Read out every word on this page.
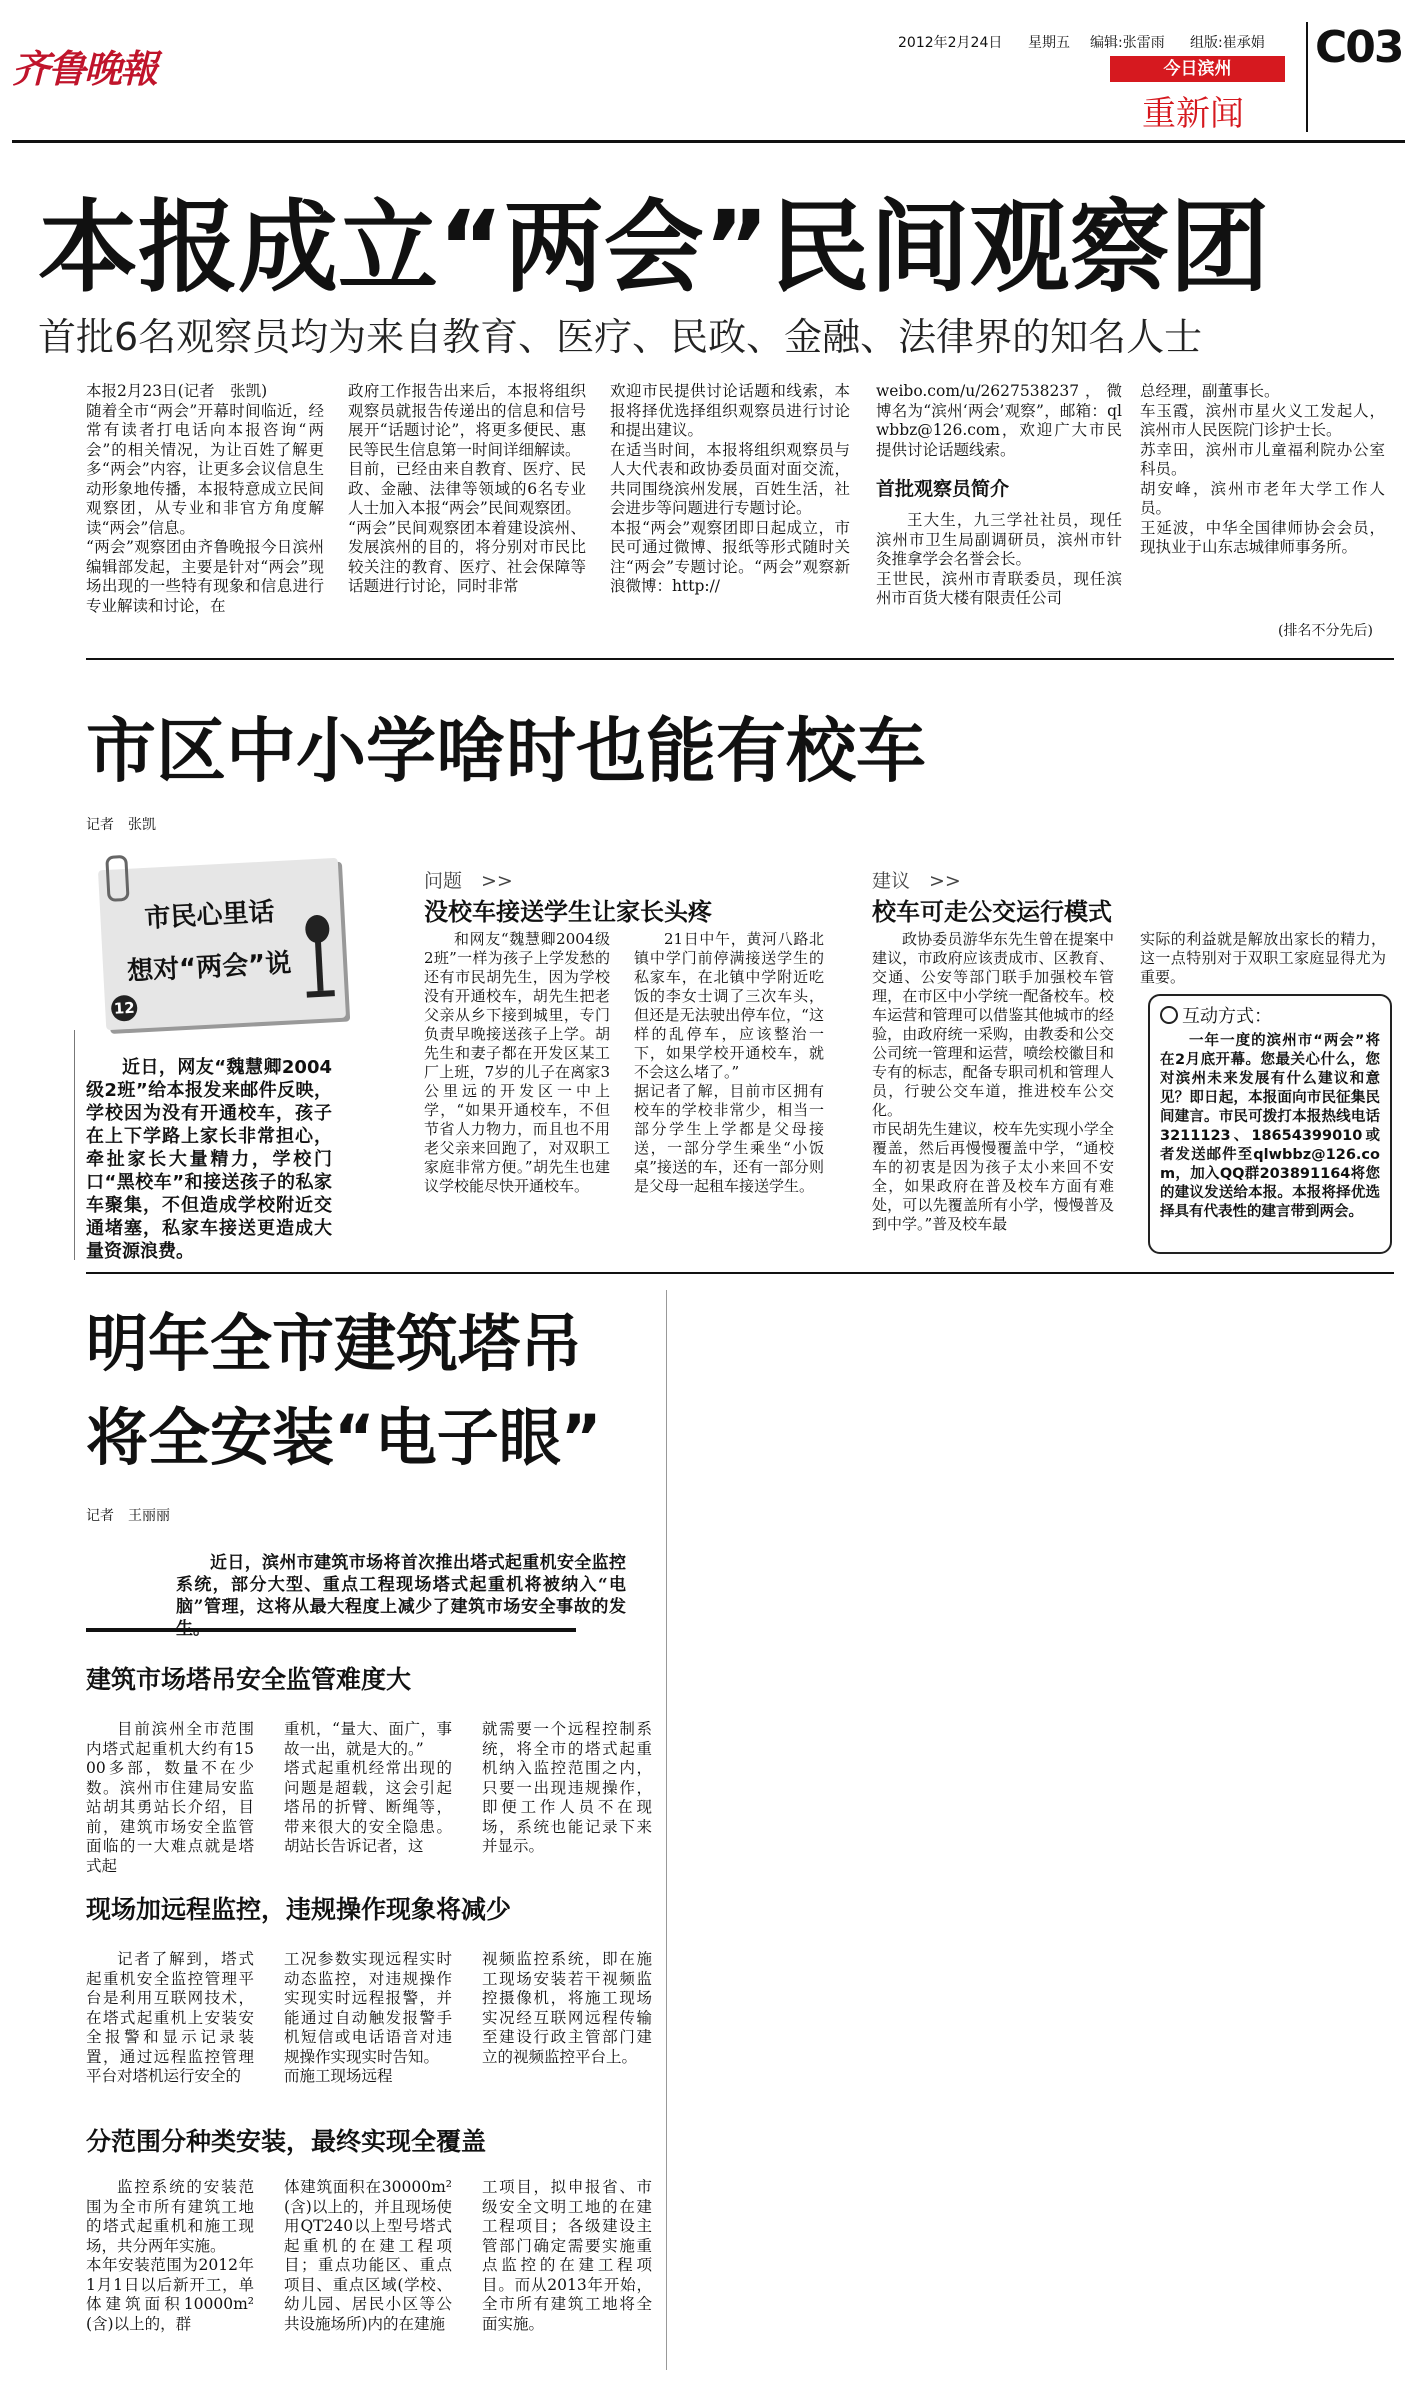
齐鲁晚報
2012年2月24日 星期五 编辑:张雷雨 组版:崔承娟
今日滨州
重新闻
C03
本报成立“两会”民间观察团
首批6名观察员均为来自教育、医疗、民政、金融、法律界的知名人士
本报2月23日(记者　张凯)
随着全市“两会”开幕时间临近，经常有读者打电话向本报咨询“两会”的相关情况，为让百姓了解更多“两会”内容，让更多会议信息生动形象地传播，本报特意成立民间观察团，从专业和非官方角度解读“两会”信息。
“两会”观察团由齐鲁晚报今日滨州编辑部发起，主要是针对“两会”现场出现的一些特有现象和信息进行专业解读和讨论，在
政府工作报告出来后，本报将组织观察员就报告传递出的信息和信号展开“话题讨论”，将更多便民、惠民等民生信息第一时间详细解读。
目前，已经由来自教育、医疗、民政、金融、法律等领域的6名专业人士加入本报“两会”民间观察团。
“两会”民间观察团本着建设滨州、发展滨州的目的，将分别对市民比较关注的教育、医疗、社会保障等话题进行讨论，同时非常
欢迎市民提供讨论话题和线索，本报将择优选择组织观察员进行讨论和提出建议。
在适当时间，本报将组织观察员与人大代表和政协委员面对面交流，共同围绕滨州发展，百姓生活，社会进步等问题进行专题讨论。
本报“两会”观察团即日起成立，市民可通过微博、报纸等形式随时关注“两会”专题讨论。“两会”观察新浪微博：http://
weibo.com/u/2627538237，微博名为“滨州‘两会’观察”，邮箱：qlwbbz@126.com，欢迎广大市民提供讨论话题线索。
首批观察员简介
王大生，九三学社社员，现任滨州市卫生局副调研员，滨州市针灸推拿学会名誉会长。
王世民，滨州市青联委员，现任滨州市百货大楼有限责任公司
总经理，副董事长。
车玉霞，滨州市星火义工发起人，滨州市人民医院门诊护士长。
苏幸田，滨州市儿童福利院办公室科员。
胡安峰，滨州市老年大学工作人员。
王延波，中华全国律师协会会员，现执业于山东志城律师事务所。
(排名不分先后)
市区中小学啥时也能有校车
记者　张凯
市民心里话
想对“两会”说
12
近日，网友“魏慧卿2004级2班”给本报发来邮件反映，学校因为没有开通校车，孩子在上下学路上家长非常担心，牵扯家长大量精力，学校门口“黑校车”和接送孩子的私家车聚集，不但造成学校附近交通堵塞，私家车接送更造成大量资源浪费。
问题　>>
没校车接送学生让家长头疼
和网友“魏慧卿2004级2班”一样为孩子上学发愁的还有市民胡先生，因为学校没有开通校车，胡先生把老父亲从乡下接到城里，专门负责早晚接送孩子上学。胡先生和妻子都在开发区某工厂上班，7岁的儿子在离家3公里远的开发区一中上学，“如果开通校车，不但节省人力物力，而且也不用老父亲来回跑了，对双职工家庭非常方便。”胡先生也建议学校能尽快开通校车。
21日中午，黄河八路北镇中学门前停满接送学生的私家车，在北镇中学附近吃饭的李女士调了三次车头，但还是无法驶出停车位，“这样的乱停车，应该整治一下，如果学校开通校车，就不会这么堵了。”
据记者了解，目前市区拥有校车的学校非常少，相当一部分学生上学都是父母接送，一部分学生乘坐“小饭桌”接送的车，还有一部分则是父母一起租车接送学生。
建议　>>
校车可走公交运行模式
政协委员游华东先生曾在提案中建议，市政府应该责成市、区教育、交通、公安等部门联手加强校车管理，在市区中小学统一配备校车。校车运营和管理可以借鉴其他城市的经验，由政府统一采购，由教委和公交公司统一管理和运营，喷绘校徽目和专有的标志，配备专职司机和管理人员，行驶公交车道，推进校车公交化。
市民胡先生建议，校车先实现小学全覆盖，然后再慢慢覆盖中学，“通校车的初衷是因为孩子太小来回不安全，如果政府在普及校车方面有难处，可以先覆盖所有小学，慢慢普及到中学。”普及校车最
实际的利益就是解放出家长的精力，这一点特别对于双职工家庭显得尤为重要。
互动方式：
一年一度的滨州市“两会”将在2月底开幕。您最关心什么，您对滨州未来发展有什么建议和意见？即日起，本报面向市民征集民间建言。市民可拨打本报热线电话3211123、18654399010或者发送邮件至qlwbbz@126.com，加入QQ群203891164将您的建议发送给本报。本报将择优选择具有代表性的建言带到两会。
明年全市建筑塔吊
将全安装“电子眼”
记者　王丽丽
近日，滨州市建筑市场将首次推出塔式起重机安全监控系统，部分大型、重点工程现场塔式起重机将被纳入“电脑”管理，这将从最大程度上减少了建筑市场安全事故的发
建筑市场塔吊安全监管难度大
目前滨州全市范围内塔式起重机大约有1500多部，数量不在少数。滨州市住建局安监站胡其勇站长介绍，目前，建筑市场安全监管面临的一大难点就是塔式起
重机，“量大、面广，事故一出，就是大的。”
塔式起重机经常出现的问题是超载，这会引起塔吊的折臂、断绳等，带来很大的安全隐患。胡站长告诉记者，这
就需要一个远程控制系统，将全市的塔式起重机纳入监控范围之内，只要一出现违规操作，即便工作人员不在现场，系统也能记录下来并显示。
现场加远程监控，违规操作现象将减少
记者了解到，塔式起重机安全监控管理平台是利用互联网技术，在塔式起重机上安装安全报警和显示记录装置，通过远程监控管理平台对塔机运行安全的
工况参数实现远程实时动态监控，对违规操作实现实时远程报警，并能通过自动触发报警手机短信或电话语音对违规操作实现实时告知。
而施工现场远程
视频监控系统，即在施工现场安装若干视频监控摄像机，将施工现场实况经互联网远程传输至建设行政主管部门建立的视频监控平台上。
分范围分种类安装，最终实现全覆盖
监控系统的安装范围为全市所有建筑工地的塔式起重机和施工现场，共分两年实施。
本年安装范围为2012年1月1日以后新开工，单体建筑面积10000m²(含)以上的，群
体建筑面积在30000m²(含)以上的，并且现场使用QT240以上型号塔式起重机的在建工程项目；重点功能区、重点项目、重点区域(学校、幼儿园、居民小区等公共设施场所)内的在建施
工项目，拟申报省、市级安全文明工地的在建工程项目；各级建设主管部门确定需要实施重点监控的在建工程项目。而从2013年开始，全市所有建筑工地将全面实施。
